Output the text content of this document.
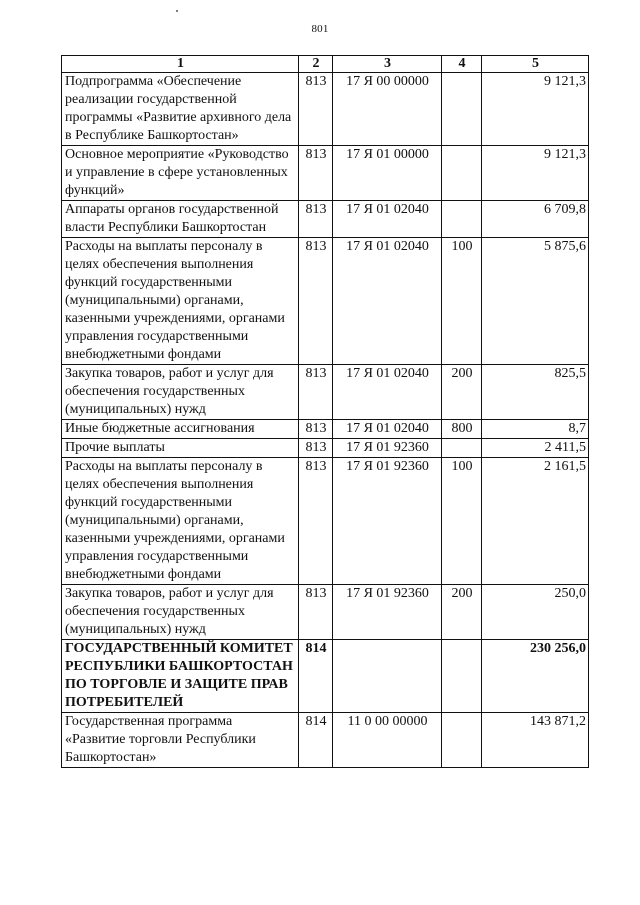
801
1	2	3	4	5
Подпрограмма «Обеспечение реализации государственной программы «Развитие архивного дела в Республике Башкортостан»	813	17 Я 00 00000		9 121,3
Основное мероприятие «Руководство и управление в сфере установленных функций»	813	17 Я 01 00000		9 121,3
Аппараты органов государственной власти Республики Башкортостан	813	17 Я 01 02040		6 709,8
Расходы на выплаты персоналу в целях обеспечения выполнения функций государственными (муниципальными) органами, казенными учреждениями, органами управления государственными внебюджетными фондами	813	17 Я 01 02040	100	5 875,6
Закупка товаров, работ и услуг для обеспечения государственных (муниципальных) нужд	813	17 Я 01 02040	200	825,5
Иные бюджетные ассигнования	813	17 Я 01 02040	800	8,7
Прочие выплаты	813	17 Я 01 92360		2 411,5
Расходы на выплаты персоналу в целях обеспечения выполнения функций государственными (муниципальными) органами, казенными учреждениями, органами управления государственными внебюджетными фондами	813	17 Я 01 92360	100	2 161,5
Закупка товаров, работ и услуг для обеспечения государственных (муниципальных) нужд	813	17 Я 01 92360	200	250,0
ГОСУДАРСТВЕННЫЙ КОМИТЕТ РЕСПУБЛИКИ БАШКОРТОСТАН ПО ТОРГОВЛЕ И ЗАЩИТЕ ПРАВ ПОТРЕБИТЕЛЕЙ	814			230 256,0
Государственная программа «Развитие торговли Республики Башкортостан»	814	11 0 00 00000		143 871,2
